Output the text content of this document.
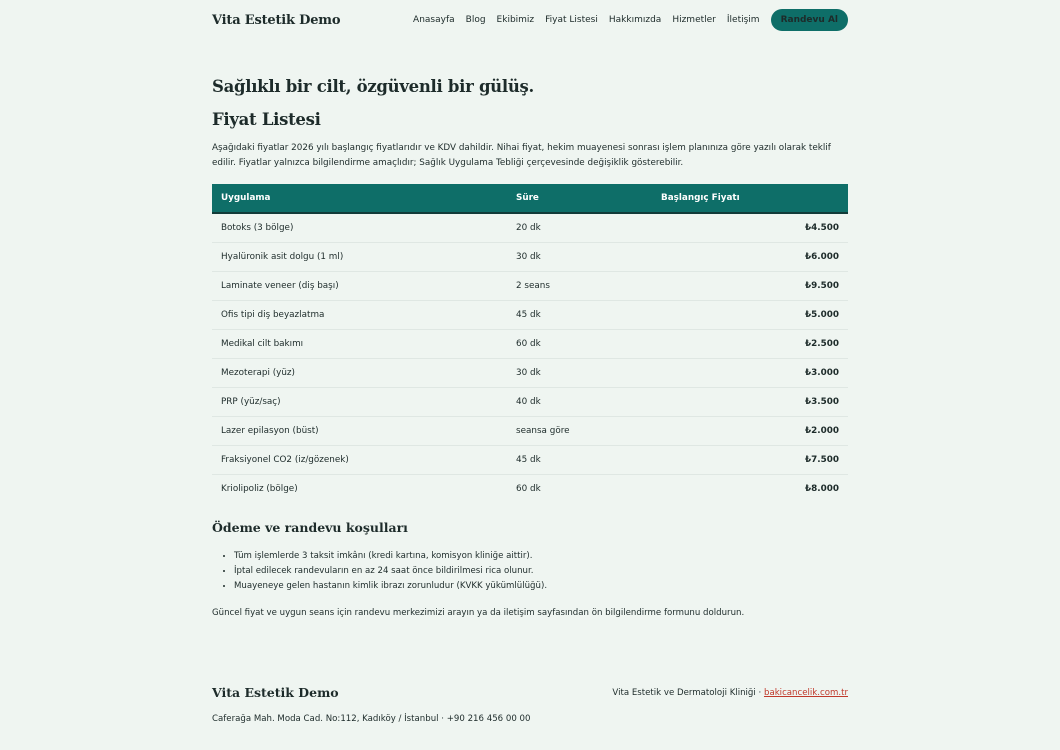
Vita Estetik Demo	Anasayfa Blog Ekibimiz Fiyat Listesi Hakkımızda Hizmetler İletişim	Randevu Al
Sağlıklı bir cilt, özgüvenli bir gülüş.
Fiyat Listesi

Aşağıdaki fiyatlar 2026 yılı başlangıç fiyatlarıdır ve KDV dahildir. Nihai fiyat, hekim muayenesi sonrası işlem planınıza göre yazılı olarak teklif edilir. Fiyatlar yalnızca bilgilendirme amaçlıdır; Sağlık Uygulama Tebliği çerçevesinde değişiklik gösterebilir.

Uygulama	Süre	Başlangıç Fiyatı
Botoks (3 bölge)	20 dk	₺4.500
Hyalüronik asit dolgu (1 ml)	30 dk	₺6.000
Laminate veneer (diş başı)	2 seans	₺9.500
Ofis tipi diş beyazlatma	45 dk	₺5.000
Medikal cilt bakımı	60 dk	₺2.500
Mezoterapi (yüz)	30 dk	₺3.000
PRP (yüz/saç)	40 dk	₺3.500
Lazer epilasyon (büst)	seansa göre	₺2.000
Fraksiyonel CO2 (iz/gözenek)	45 dk	₺7.500
Kriolipoliz (bölge)	60 dk	₺8.000
Ödeme ve randevu koşulları
• Tüm işlemlerde 3 taksit imkânı (kredi kartına, komisyon kliniğe aittir).
• İptal edilecek randevuların en az 24 saat önce bildirilmesi rica olunur.
• Muayeneye gelen hastanın kimlik ibrazı zorunludur (KVKK yükümlülüğü).

Güncel fiyat ve uygun seans için randevu merkezimizi arayın ya da iletişim sayfasından ön bilgilendirme formunu doldurun.

Vita Estetik Demo	Vita Estetik ve Dermatoloji Kliniği · bakicancelik.com.tr
Caferağa Mah. Moda Cad. No:112, Kadıköy / İstanbul · +90 216 456 00 00
